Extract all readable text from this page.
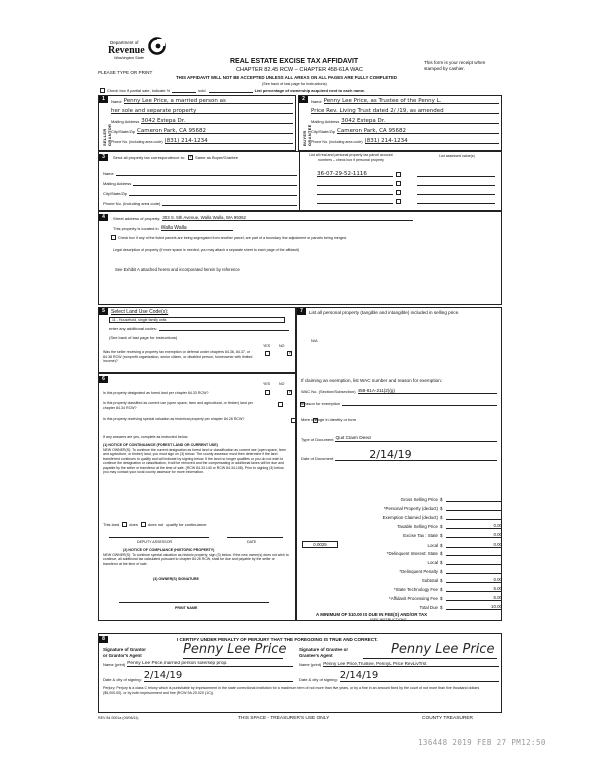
Department of
Revenue
Washington State
PLEASE TYPE OR PRINT
REAL ESTATE EXCISE TAX AFFIDAVIT
CHAPTER 82.45 RCW – CHAPTER 458-61A WAC
THIS AFFIDAVIT WILL NOT BE ACCEPTED UNLESS ALL AREAS ON ALL PAGES ARE FULLY COMPLETED
(See back of last page for instructions)
This form is your receipt when stamped by cashier.
Check box if partial sale, indicate %	sold.	List percentage of ownership acquired next to each name.
1
SELLER GRANTOR
Name Penny Lee Price, a married person as
her sole and separate property
Mailing Address 3042 Estepa Dr.
City/State/Zip Cameron Park, CA 95682
Phone No. (including area code) (831) 214-1234
2
BUYER GRANTEE
Name Penny Lee Price, as Trustee of the Penny L.
Price Rev. Living Trust dated 2/ /19, as amended
Mailing Address 3042 Estepa Dr.
City/State/Zip Cameron Park, CA 95682
Phone No. (including area code) (831) 214-1234
3	Send all property tax correspondence to: ✓	Same as Buyer/Grantee
Name
Mailing Address
City/State/Zip
Phone No. (including area code)
List all real and personal property tax parcel account numbers – check box if personal property
List assessed value(s)
36-07-29-52-1116
4	Street address of property: 303 S. 5th Avenue, Walla Walla, WA 99362
This property is located in Walla Walla
Check box if any of the listed parcels are being segregated from another parcel, are part of a boundary line adjustment or parcels being merged.
Legal description of property (if more space is needed, you may attach a separate sheet to each page of the affidavit)
See Exhibit A attached hereto and incorporated herein by reference
5	Select Land Use Code(s):
11 - Household, single family units
enter any additional codes:
(See back of last page for instructions)
YES NO
Was the seller receiving a property tax exemption or deferral under chapters 84.36, 84.37, or 84.38 RCW (nonprofit organization, senior citizen, or disabled person, homeowner with limited income)?
✓
6
YES NO
Is this property designated as forest land per chapter 84.33 RCW?
✓
Is this property classified as current use (open space, farm and agricultural, or timber) land per chapter 84.34 RCW?
✓
Is this property receiving special valuation as historical property per chapter 84.26 RCW?
✓
If any answers are yes, complete as instructed below.
(1) NOTICE OF CONTINUANCE (FOREST LAND OR CURRENT USE)
NEW OWNER(S): To continue the current designation as forest land or classification as current use (open space, farm and agriculture, or timber) land, you must sign on (3) below. The county assessor must then determine if the land transferred continues to qualify and will indicate by signing below. If the land no longer qualifies or you do not wish to continue the designation or classification, it will be removed and the compensating or additional taxes will be due and payable by the seller or transferor at the time of sale. (RCW 84.33.140 or RCW 84.34.108). Prior to signing (3) below, you may contact your local county assessor for more information.
This land	does	does not qualify for continuance.
DEPUTY ASSESSOR	DATE
(2) NOTICE OF COMPLIANCE (HISTORIC PROPERTY)
NEW OWNER(S): To continue special valuation as historic property, sign (3) below. If the new owner(s) does not wish to continue, all additional tax calculated pursuant to chapter 84.26 RCW, shall be due and payable by the seller or transferor at the time of sale.
(3) OWNER(S) SIGNATURE
PRINT NAME
7	List all personal property (tangible and intangible) included in selling price.
N/A
If claiming an exemption, list WAC number and reason for exemption:
WAC No. (Section/Subsection) 458-61A-211(2)(g)
Reason for exemption
Mere change in identity or form
Type of Document Quit Claim Deed
Date of Document	2/14/19
Gross Selling Price $
*Personal Property (deduct) $
Exemption Claimed (deduct) $
Taxable Selling Price $	0.00
Excise Tax : State $	0.00
0.0025	Local $	0.00
*Delinquent Interest: State $
Local $
*Delinquent Penalty $
Subtotal $	0.00
*State Technology Fee $	5.00
*Affidavit Processing Fee $	5.00
Total Due $	10.00
A MINIMUM OF $10.00 IS DUE IN FEE(S) AND/OR TAX
*SEE INSTRUCTIONS
8	I CERTIFY UNDER PENALTY OF PERJURY THAT THE FOREGOING IS TRUE AND CORRECT.
Signature of Grantor or Grantor's Agent	Penny Lee Price
Name (print) Penny Lee Price,married person sole/sep prop.
Date & city of signing: 2/14/19
Signature of Grantee or Grantee's Agent	Penny Lee Price
Name (print) Penny Lee Price,Trustee, PennyL Price RevLivTrst
Date & city of signing: 2/14/19
Perjury: Perjury is a class C felony which is punishable by imprisonment in the state correctional institution for a maximum term of not more than five years, or by a fine in an amount fixed by the court of not more than five thousand dollars ($5,000.00), or by both imprisonment and fine (RCW 9A.20.020 (1C)).
REV 84 0001a (09/06/11)	THIS SPACE - TREASURER'S USE ONLY	COUNTY TREASURER
136448 2019 FEB 27 PM12:50
